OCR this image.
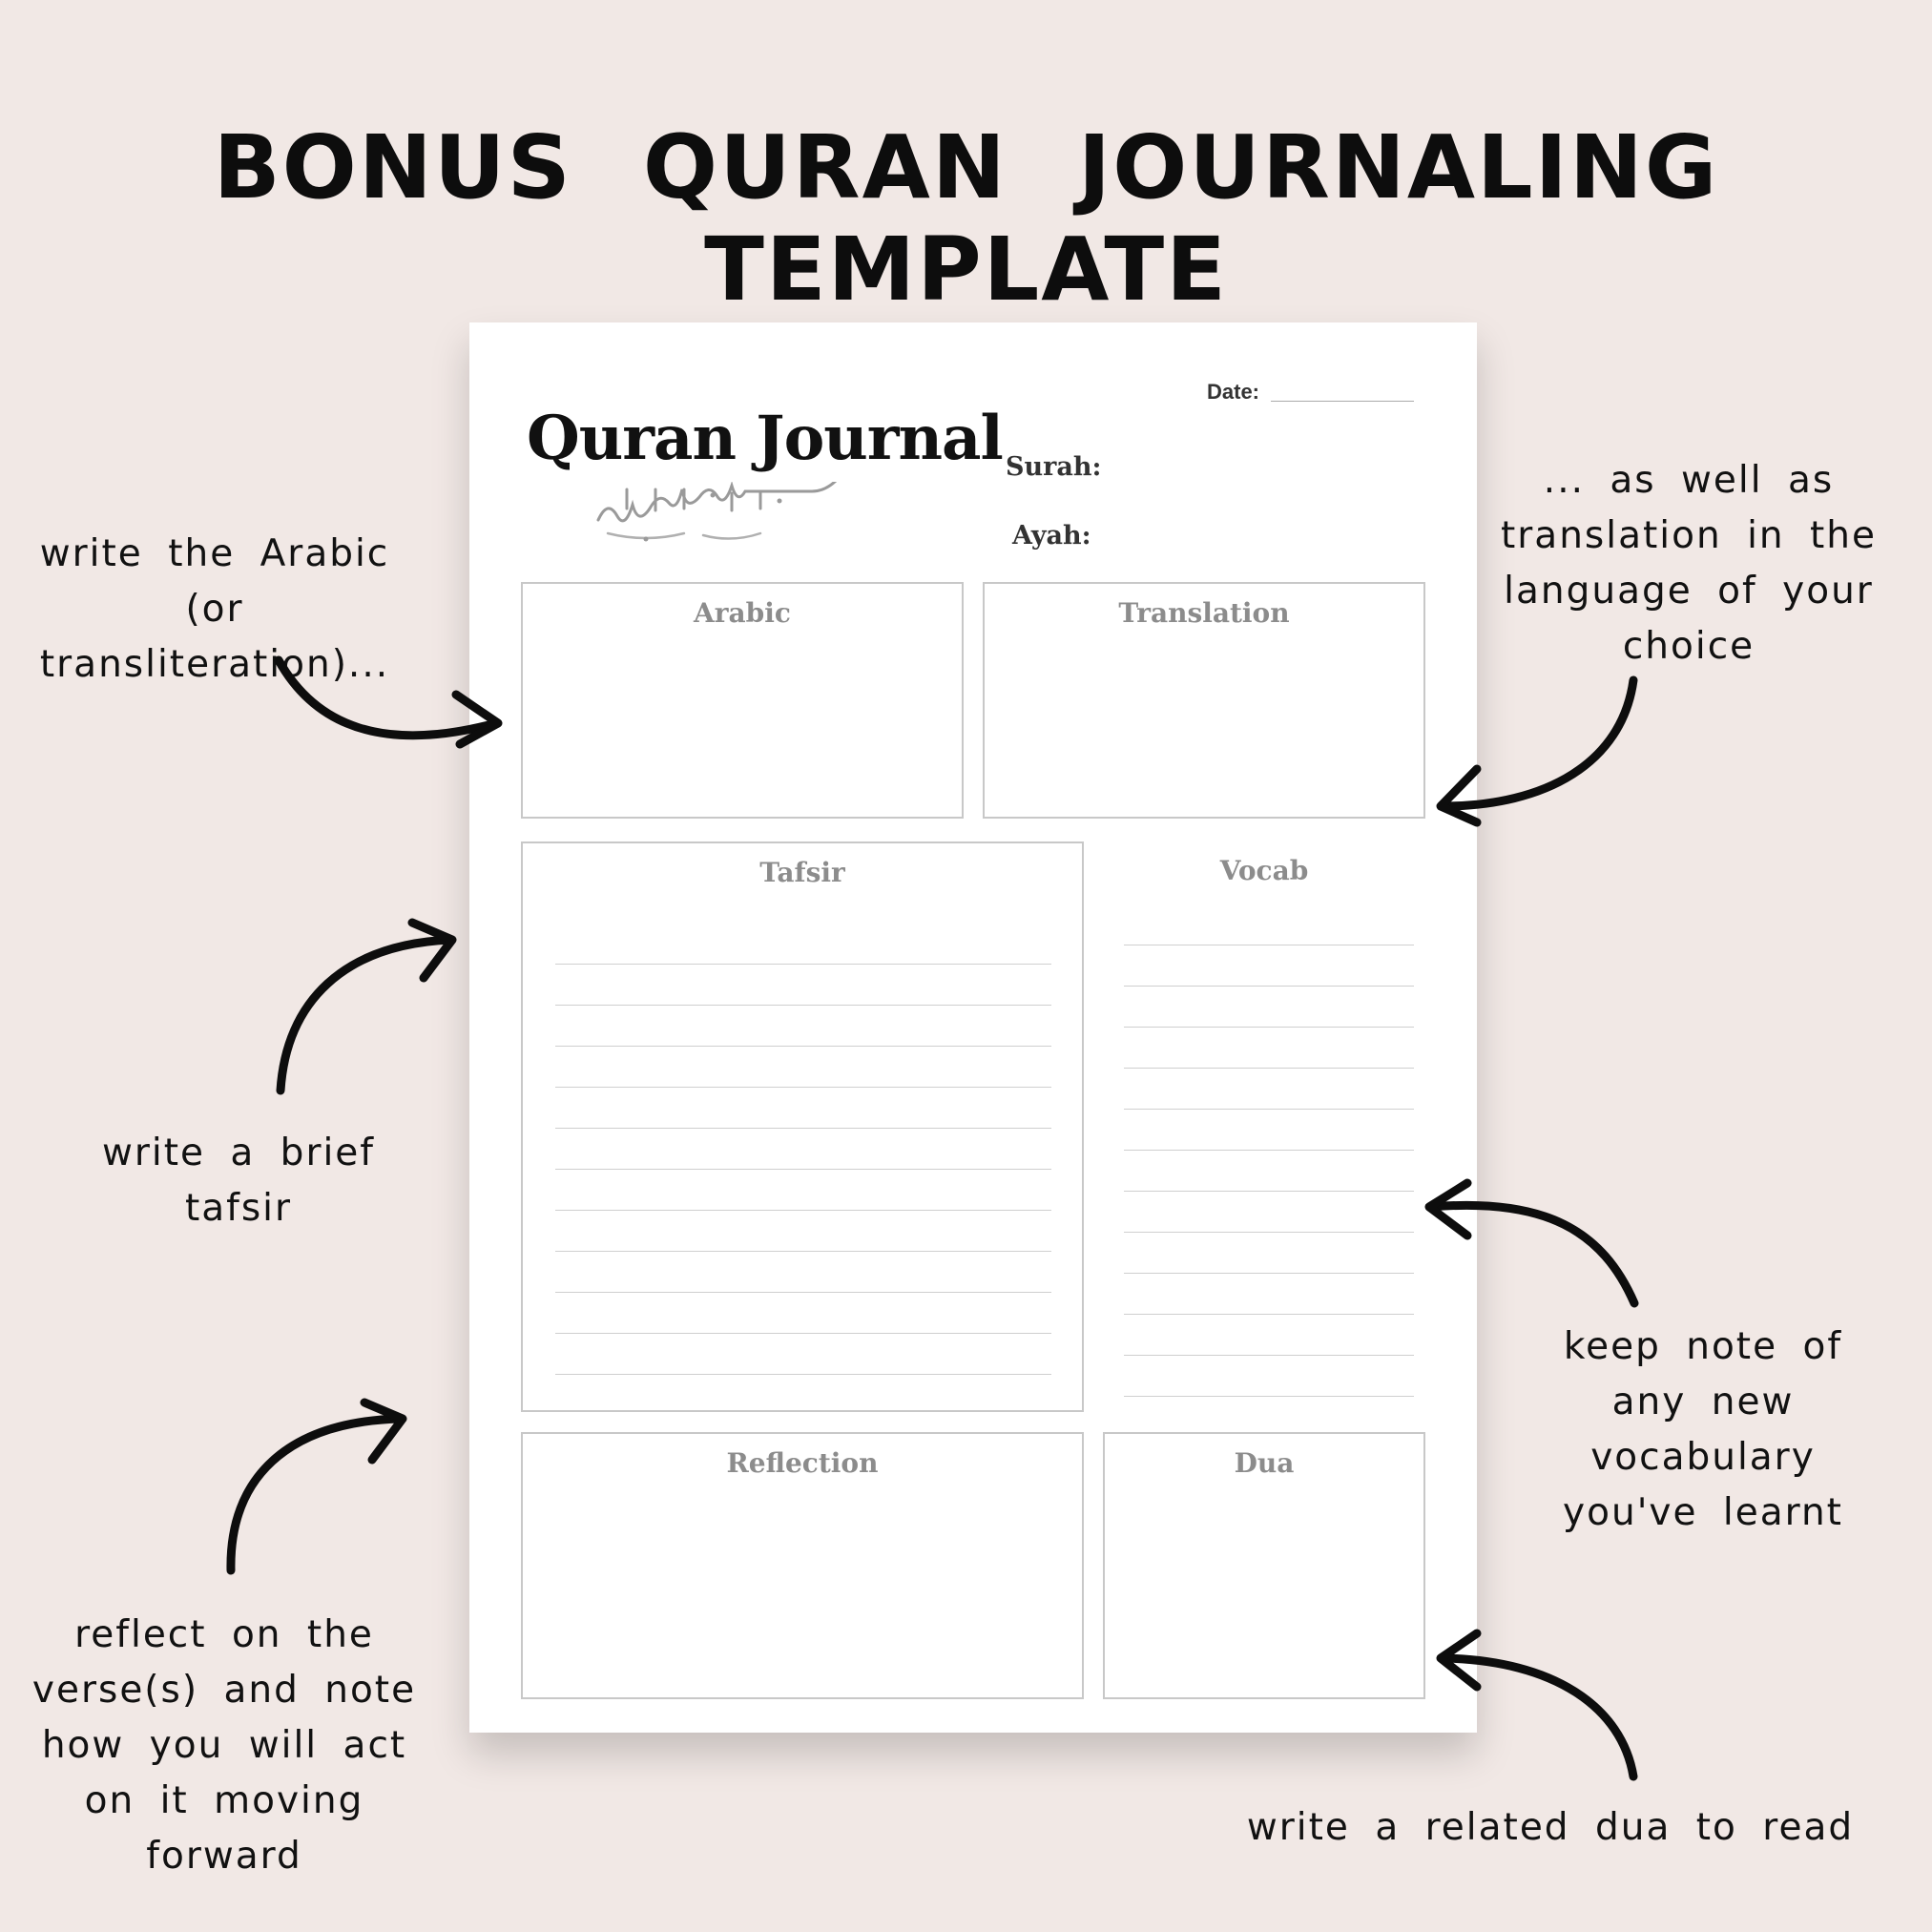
BONUS QURAN JOURNALING TEMPLATE
Date:
Quran Journal Surah:
Ayah:
Arabic	Translation
Tafsir	Vocab
Reflection	Dua
write the Arabic (or
transliteration)...
... as well as
translation in the
language of your
choice
write a brief
tafsir
keep note of
any new
vocabulary
you've learnt
reflect on the
verse(s) and note
how you will act
on it moving
forward
write a related dua to read
